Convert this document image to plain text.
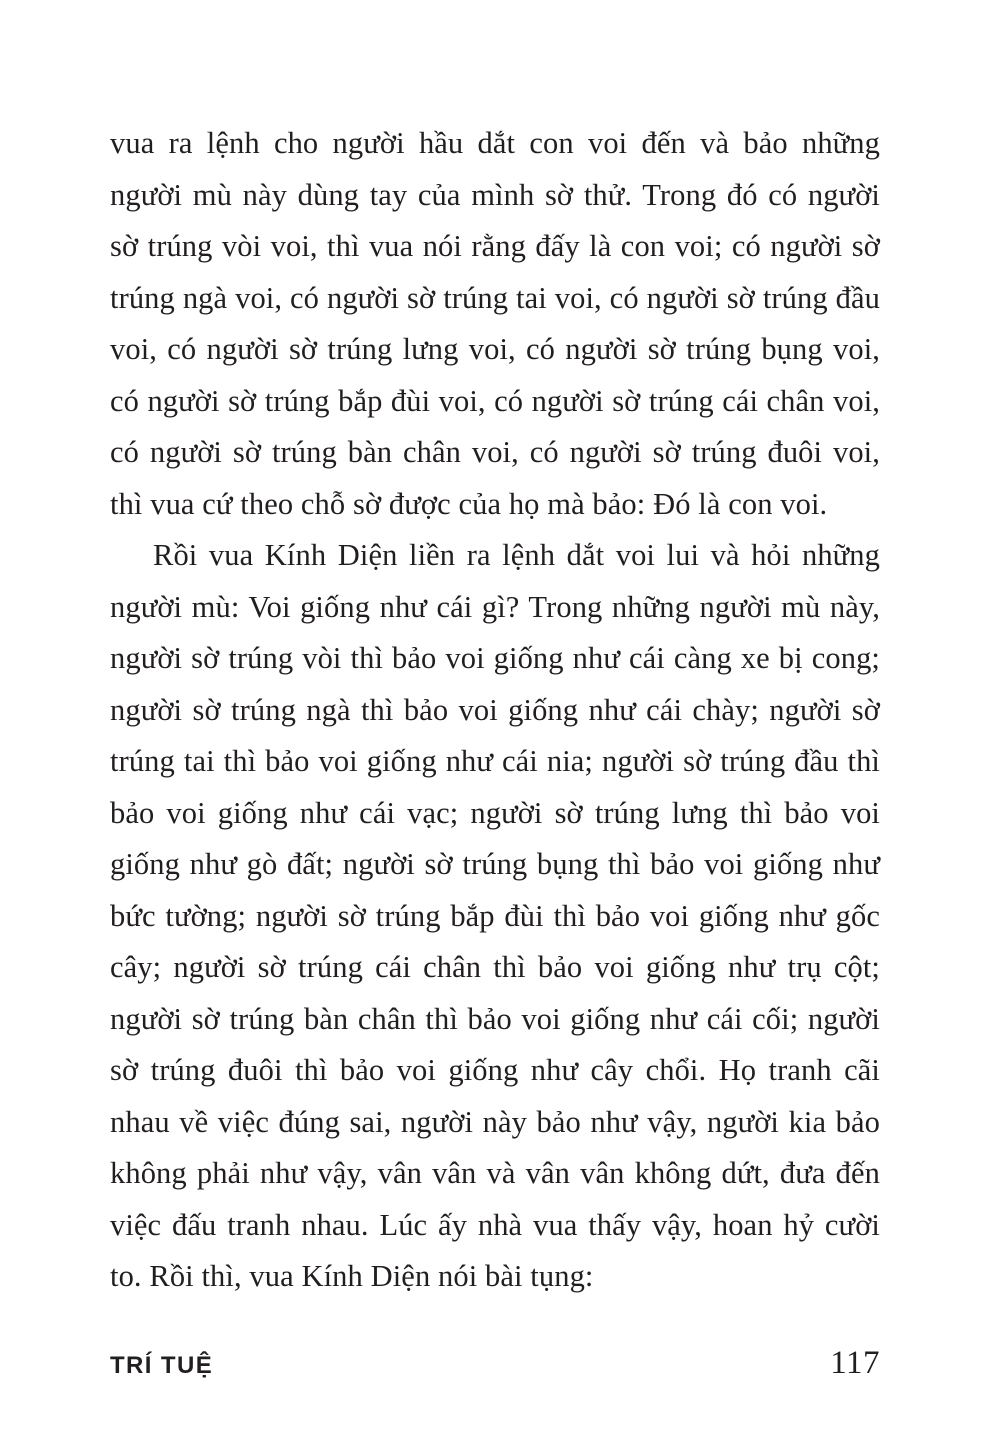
vua ra lệnh cho người hầu dắt con voi đến và bảo những người mù này dùng tay của mình sờ thử. Trong đó có người sờ trúng vòi voi, thì vua nói rằng đấy là con voi; có người sờ trúng ngà voi, có người sờ trúng tai voi, có người sờ trúng đầu voi, có người sờ trúng lưng voi, có người sờ trúng bụng voi, có người sờ trúng bắp đùi voi, có người sờ trúng cái chân voi, có người sờ trúng bàn chân voi, có người sờ trúng đuôi voi, thì vua cứ theo chỗ sờ được của họ mà bảo: Đó là con voi.

Rồi vua Kính Diện liền ra lệnh dắt voi lui và hỏi những người mù: Voi giống như cái gì? Trong những người mù này, người sờ trúng vòi thì bảo voi giống như cái càng xe bị cong; người sờ trúng ngà thì bảo voi giống như cái chày; người sờ trúng tai thì bảo voi giống như cái nia; người sờ trúng đầu thì bảo voi giống như cái vạc; người sờ trúng lưng thì bảo voi giống như gò đất; người sờ trúng bụng thì bảo voi giống như bức tường; người sờ trúng bắp đùi thì bảo voi giống như gốc cây; người sờ trúng cái chân thì bảo voi giống như trụ cột; người sờ trúng bàn chân thì bảo voi giống như cái cối; người sờ trúng đuôi thì bảo voi giống như cây chổi. Họ tranh cãi nhau về việc đúng sai, người này bảo như vậy, người kia bảo không phải như vậy, vân vân và vân vân không dứt, đưa đến việc đấu tranh nhau. Lúc ấy nhà vua thấy vậy, hoan hỷ cười to. Rồi thì, vua Kính Diện nói bài tụng:

TRÍ TUỆ	117
